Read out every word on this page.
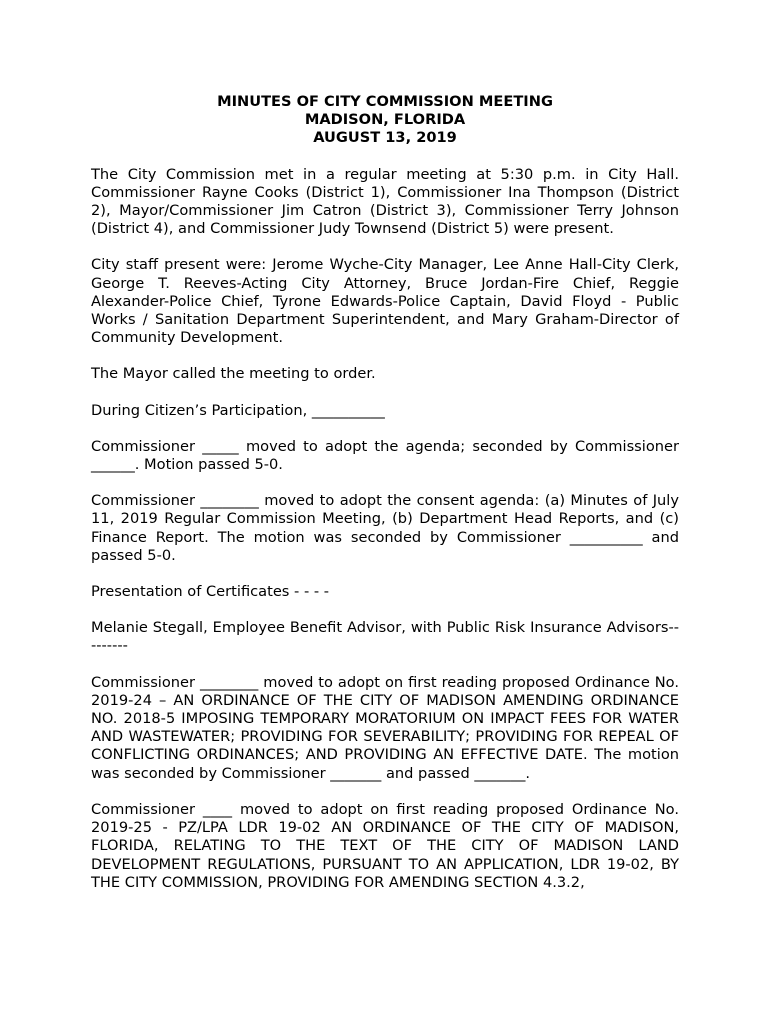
MINUTES OF CITY COMMISSION MEETING
MADISON, FLORIDA
AUGUST 13, 2019

The City Commission met in a regular meeting at 5:30 p.m. in City Hall. Commissioner Rayne Cooks (District 1), Commissioner Ina Thompson (District 2), Mayor/Commissioner Jim Catron (District 3), Commissioner Terry Johnson (District 4), and Commissioner Judy Townsend (District 5) were present.

City staff present were: Jerome Wyche-City Manager, Lee Anne Hall-City Clerk, George T. Reeves-Acting City Attorney, Bruce Jordan-Fire Chief, Reggie Alexander-Police Chief, Tyrone Edwards-Police Captain, David Floyd - Public Works / Sanitation Department Superintendent, and Mary Graham-Director of Community Development.

The Mayor called the meeting to order.

During Citizen’s Participation, __________

Commissioner _____ moved to adopt the agenda; seconded by Commissioner ______. Motion passed 5-0.

Commissioner ________ moved to adopt the consent agenda: (a) Minutes of July 11, 2019 Regular Commission Meeting, (b) Department Head Reports, and (c) Finance Report. The motion was seconded by Commissioner __________ and passed 5-0.

Presentation of Certificates - - - -

Melanie Stegall, Employee Benefit Advisor, with Public Risk Insurance Advisors---------

Commissioner ________ moved to adopt on first reading proposed Ordinance No. 2019-24 – AN ORDINANCE OF THE CITY OF MADISON AMENDING ORDINANCE NO. 2018-5 IMPOSING TEMPORARY MORATORIUM ON IMPACT FEES FOR WATER AND WASTEWATER; PROVIDING FOR SEVERABILITY; PROVIDING FOR REPEAL OF CONFLICTING ORDINANCES; AND PROVIDING AN EFFECTIVE DATE. The motion was seconded by Commissioner _______ and passed _______.

Commissioner ____ moved to adopt on first reading proposed Ordinance No. 2019-25 - PZ/LPA LDR 19-02 AN ORDINANCE OF THE CITY OF MADISON, FLORIDA, RELATING TO THE TEXT OF THE CITY OF MADISON LAND DEVELOPMENT REGULATIONS, PURSUANT TO AN APPLICATION, LDR 19-02, BY THE CITY COMMISSION, PROVIDING FOR AMENDING SECTION 4.3.2,
